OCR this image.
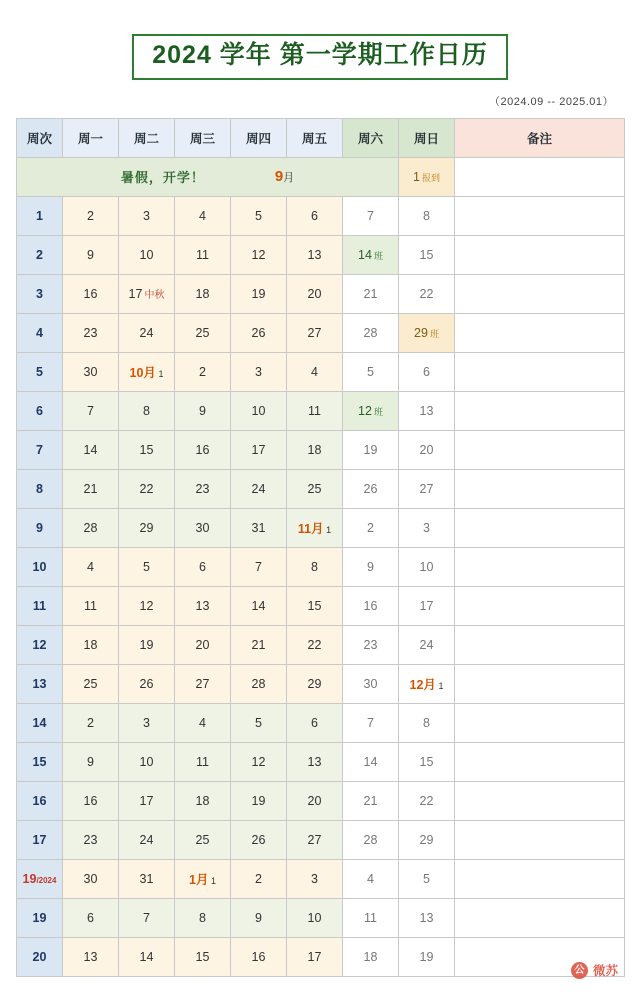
2024 学年 第一学期工作日历
（2024.09 -- 2025.01）
周次	周一	周二	周三	周四	周五	周六	周日	备注

暑假，开学！ 9月							1 报到	
1	2	3	4	5	6	7	8	
2	9	10	11	12	13	14 班	15	
3	16	17 中秋	18	19	20	21	22	
4	23	24	25	26	27	28	29 班	
5	30	10月 1	2	3	4	5	6	
6	7	8	9	10	11	12 班	13	
7	14	15	16	17	18	19	20	
8	21	22	23	24	25	26	27	
9	28	29	30	31	11月 1	2	3	
10	4	5	6	7	8	9	10	
11	11	12	13	14	15	16	17	
12	18	19	20	21	22	23	24	
13	25	26	27	28	29	30	12月 1	
14	2	3	4	5	6	7	8	
15	9	10	11	12	13	14	15	
16	16	17	18	19	20	21	22	
17	23	24	25	26	27	28	29	
19/2024	30	31	1月 1	2	3	4	5	
19	6	7	8	9	10	11	13	
20	13	14	15	16	17	18	19	
公 微苏
